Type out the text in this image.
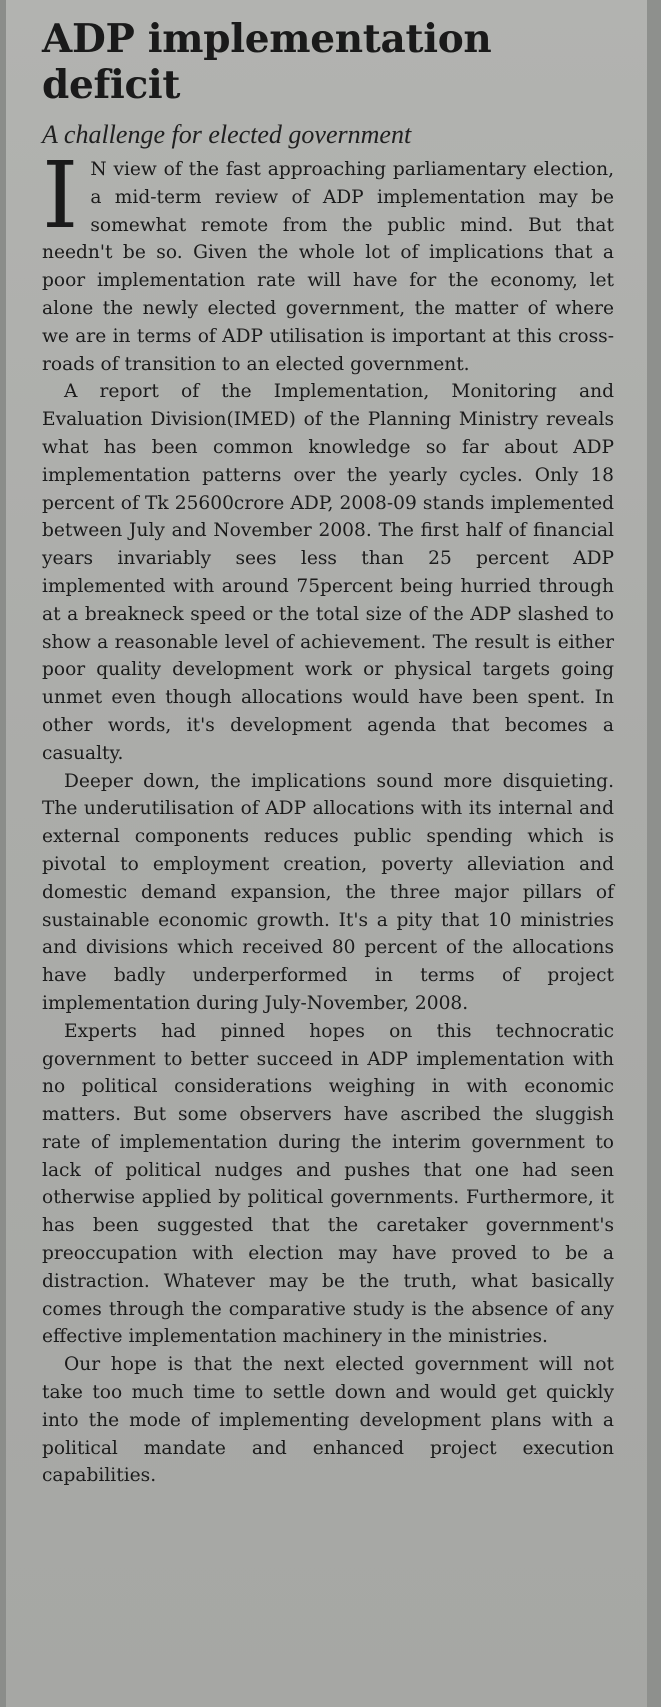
ADP implementation deficit
A challenge for elected government

I N view of the fast approaching parliamentary election, a mid-term review of ADP implementation may be somewhat remote from the public mind. But that needn't be so. Given the whole lot of implications that a poor implementation rate will have for the economy, let alone the newly elected government, the matter of where we are in terms of ADP utilisation is important at this cross-roads of transition to an elected government.

A report of the Implementation, Monitoring and Evaluation Division(IMED) of the Planning Ministry reveals what has been common knowledge so far about ADP implementation patterns over the yearly cycles. Only 18 percent of Tk 25600crore ADP, 2008-09 stands implemented between July and November 2008. The first half of financial years invariably sees less than 25 percent ADP implemented with around 75percent being hurried through at a breakneck speed or the total size of the ADP slashed to show a reasonable level of achievement. The result is either poor quality development work or physical targets going unmet even though allocations would have been spent. In other words, it's development agenda that becomes a casualty.

Deeper down, the implications sound more disquieting. The underutilisation of ADP allocations with its internal and external components reduces public spending which is pivotal to employment creation, poverty alleviation and domestic demand expansion, the three major pillars of sustainable economic growth. It's a pity that 10 ministries and divisions which received 80 percent of the allocations have badly underperformed in terms of project implementation during July-November, 2008.

Experts had pinned hopes on this technocratic government to better succeed in ADP implementation with no political considerations weighing in with economic matters. But some observers have ascribed the sluggish rate of implementation during the interim government to lack of political nudges and pushes that one had seen otherwise applied by political governments. Furthermore, it has been suggested that the caretaker government's preoccupation with election may have proved to be a distraction. Whatever may be the truth, what basically comes through the comparative study is the absence of any effective implementation machinery in the ministries.

Our hope is that the next elected government will not take too much time to settle down and would get quickly into the mode of implementing development plans with a political mandate and enhanced project execution capabilities.
